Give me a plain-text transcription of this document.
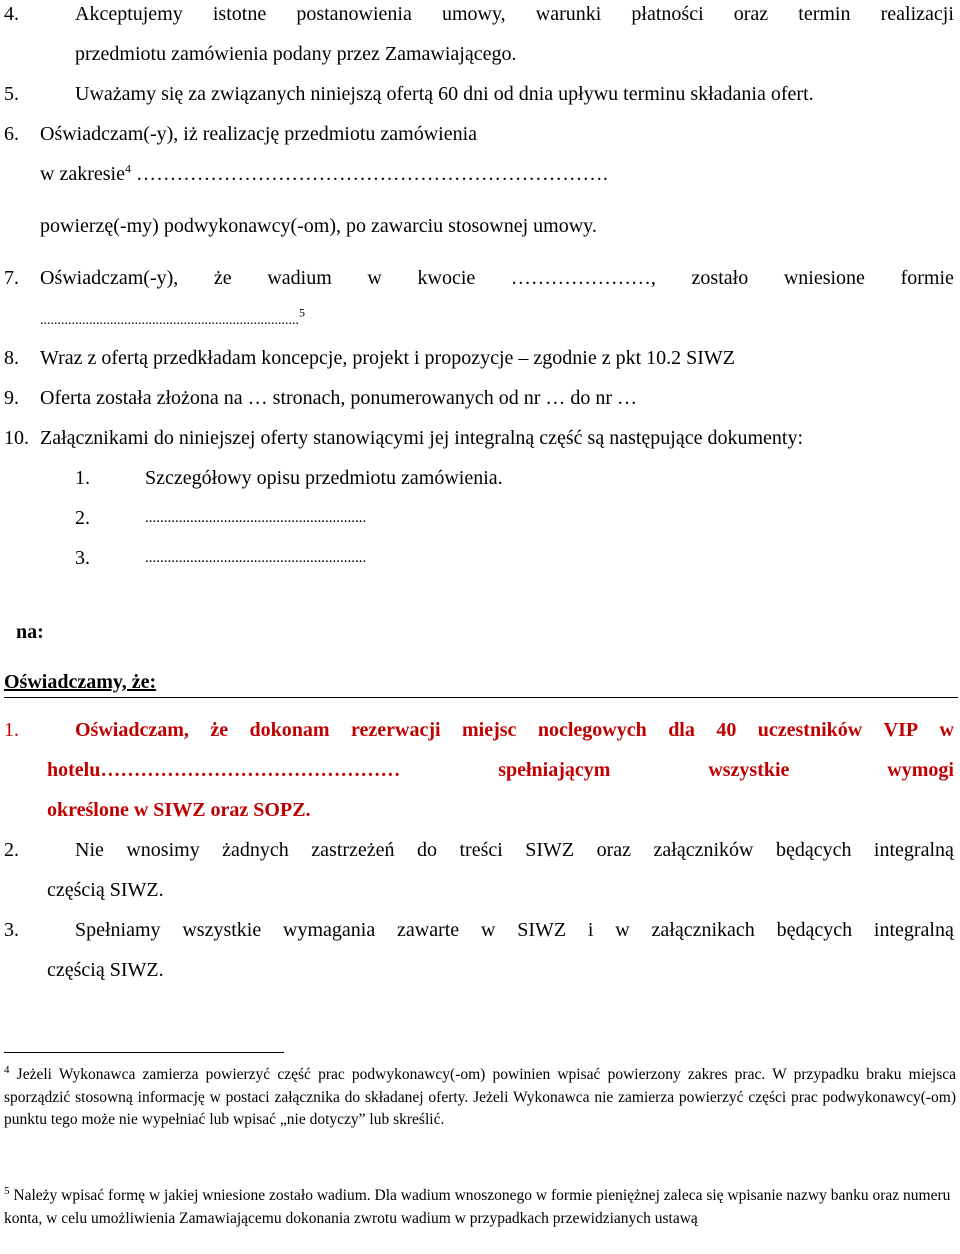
4.	Akceptujemy istotne postanowienia umowy, warunki płatności oraz termin realizacji
przedmiotu zamówienia podany przez Zamawiającego.
5.	Uważamy się za związanych niniejszą ofertą 60 dni od dnia upływu terminu składania ofert.
6. Oświadczam(-y), iż realizację przedmiotu zamówienia
w zakresie$^4$ …………………………………………………………….
powierzę(-my) podwykonawcy(-om), po zawarciu stosownej umowy.
7. Oświadczam(-y), że wadium w kwocie …………………, zostało wniesione formie
..........................................................................$^5$
8. Wraz z ofertą przedkładam koncepcje, projekt i propozycje – zgodnie z pkt 10.2 SIWZ
9. Oferta została złożona na … stronach, ponumerowanych od nr … do nr …
10. Załącznikami do niniejszej oferty stanowiącymi jej integralną część są następujące dokumenty:
1.	Szczegółowy opisu przedmiotu zamówienia.
2.	...........................................................
3.	...........................................................
na:
Oświadczamy, że:
1.	Oświadczam, że dokonam rezerwacji miejsc noclegowych dla 40 uczestników VIP w
hotelu………………………………………	spełniającym	wszystkie	wymogi
określone w SIWZ oraz SOPZ.
2.	Nie wnosimy żadnych zastrzeżeń do treści SIWZ oraz załączników będących integralną
częścią SIWZ.
3.	Spełniamy wszystkie wymagania zawarte w SIWZ i w załącznikach będących integralną
częścią SIWZ.
$^4$ Jeżeli Wykonawca zamierza powierzyć część prac podwykonawcy(-om) powinien wpisać powierzony zakres prac. W przypadku braku miejsca sporządzić stosowną informację w postaci załącznika do składanej oferty. Jeżeli Wykonawca nie zamierza powierzyć części prac podwykonawcy(-om) punktu tego może nie wypełniać lub wpisać „nie dotyczy” lub skreślić.
$^5$ Należy wpisać formę w jakiej wniesione zostało wadium. Dla wadium wnoszonego w formie pieniężnej zaleca się wpisanie nazwy banku oraz numeru konta, w celu umożliwienia Zamawiającemu dokonania zwrotu wadium w przypadkach przewidzianych ustawą
